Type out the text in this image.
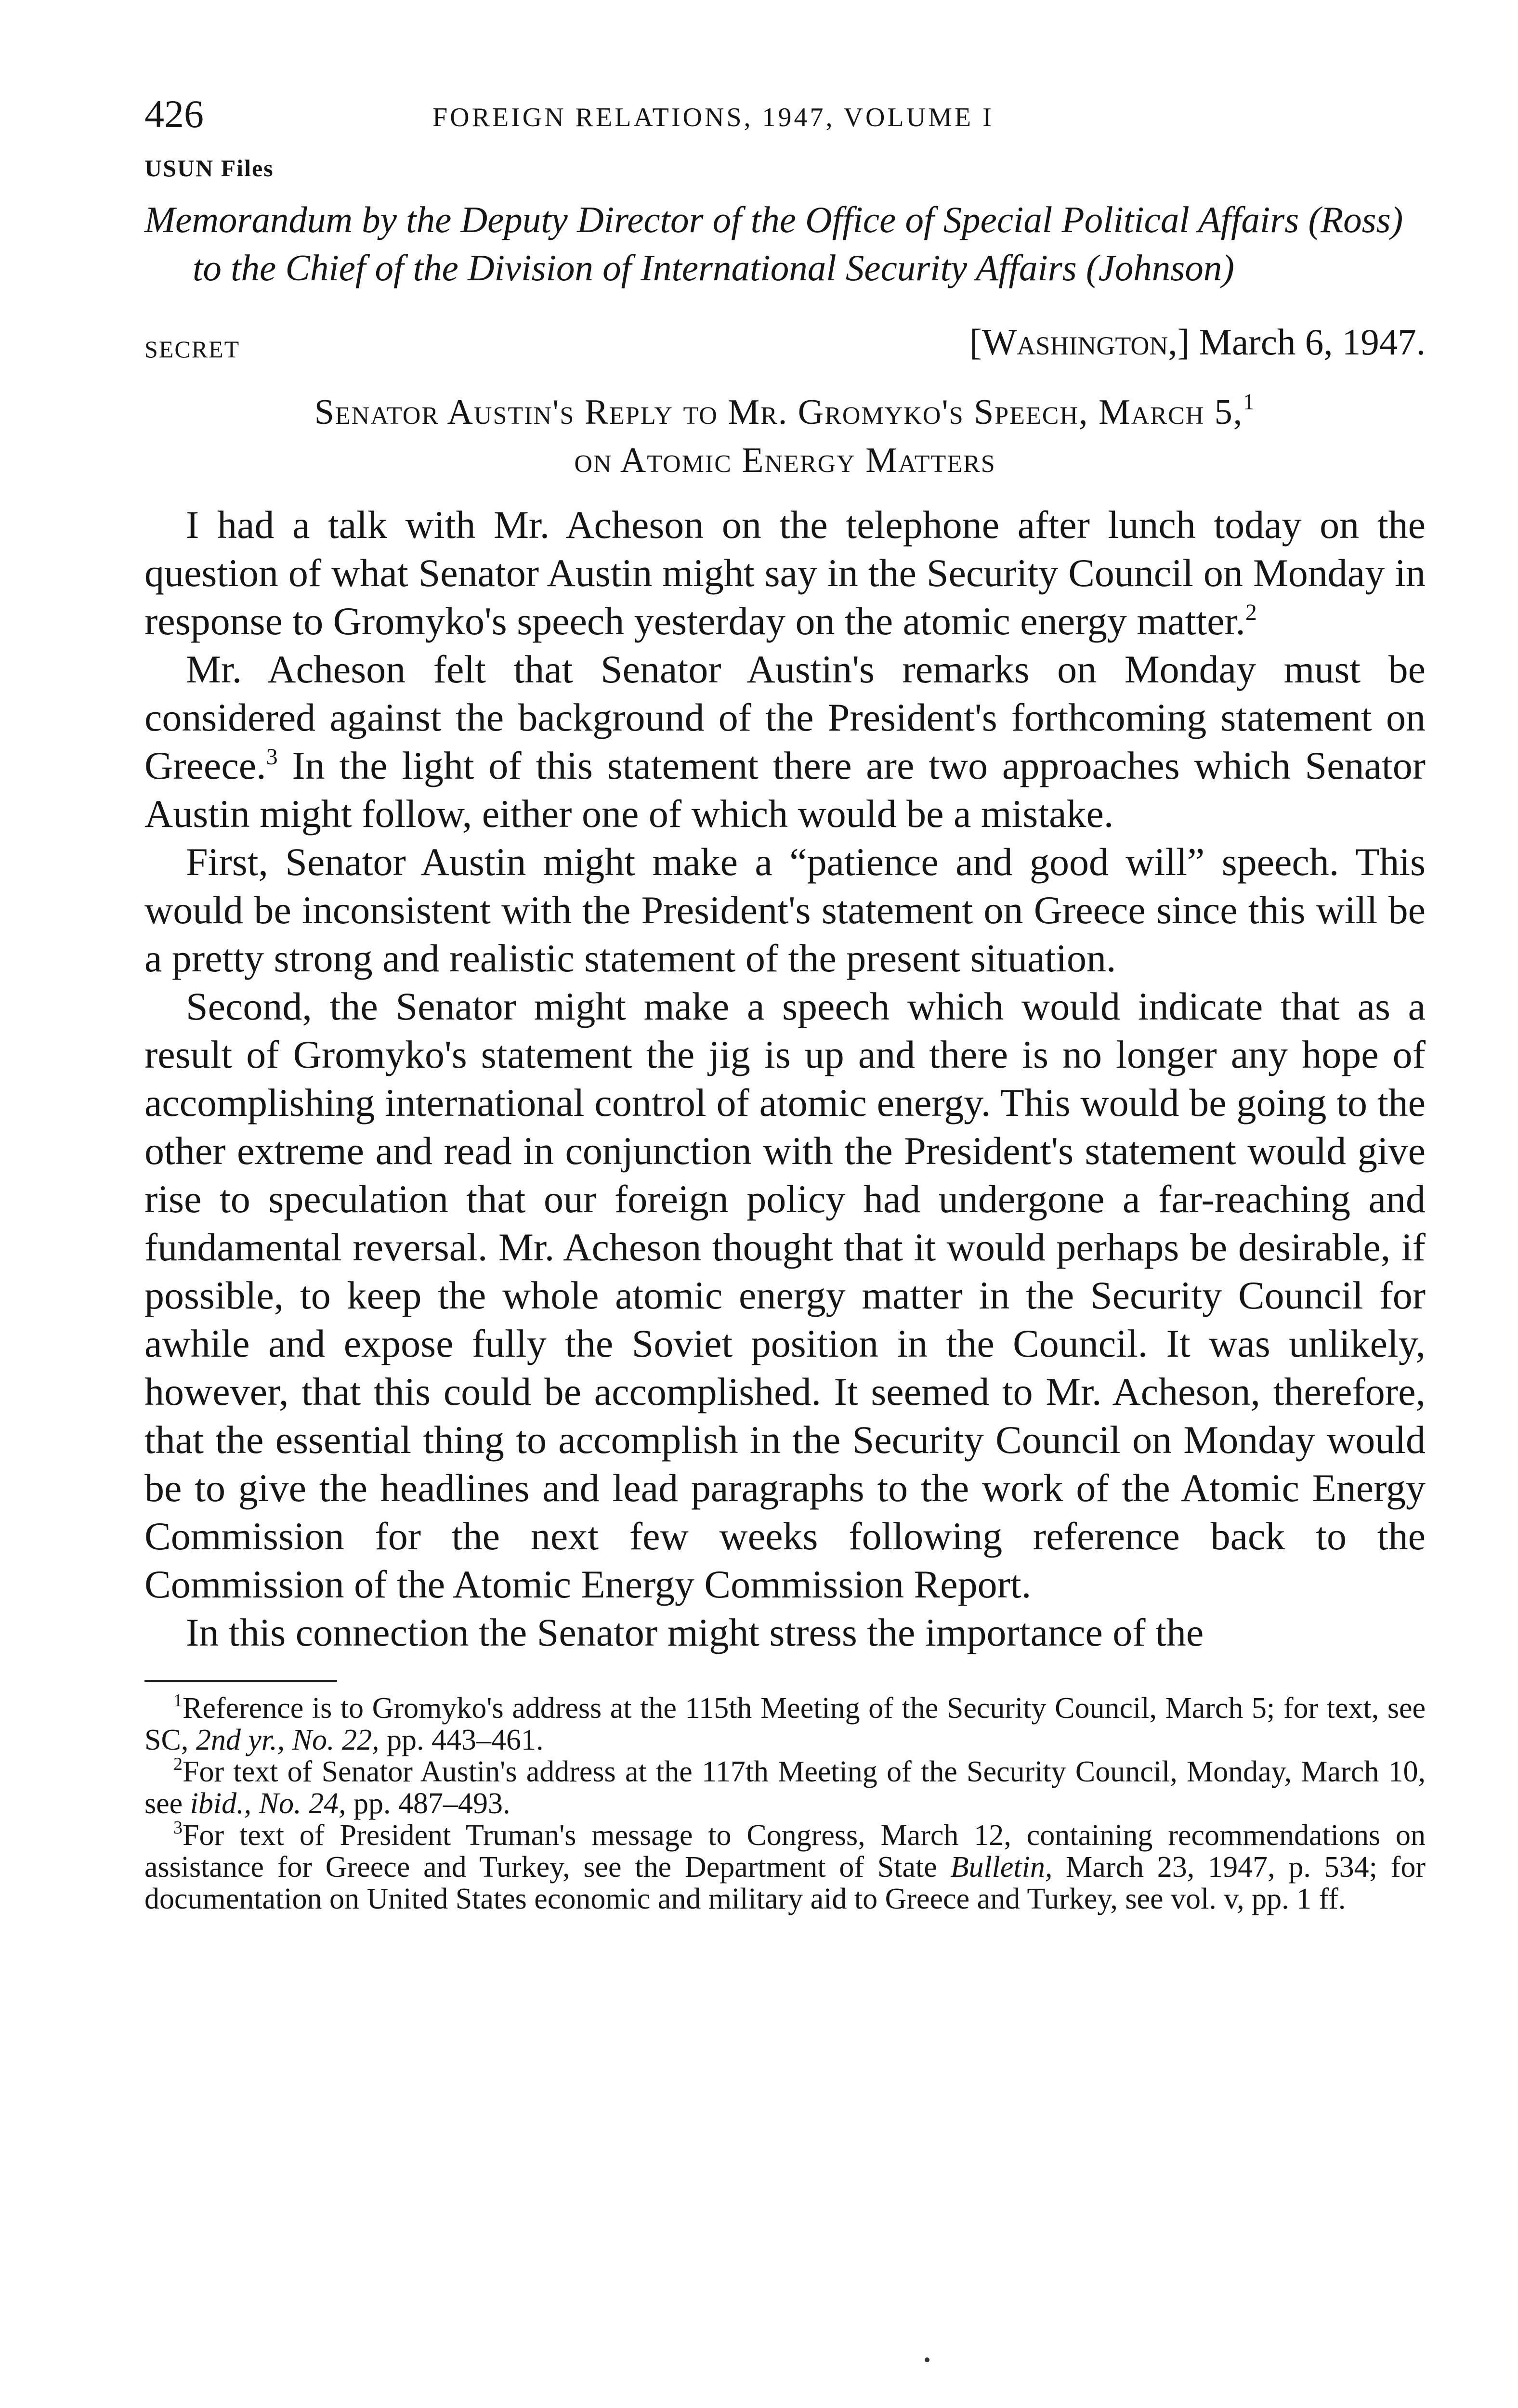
426	FOREIGN RELATIONS, 1947, VOLUME I
USUN Files
Memorandum by the Deputy Director of the Office of Special Political Affairs (Ross) to the Chief of the Division of International Security Affairs (Johnson)
SECRET	[Washington,] March 6, 1947.
Senator Austin's Reply to Mr. Gromyko's Speech, March 5,$^1$
on Atomic Energy Matters

I had a talk with Mr. Acheson on the telephone after lunch today on the question of what Senator Austin might say in the Security Council on Monday in response to Gromyko's speech yesterday on the atomic energy matter.$^2$

Mr. Acheson felt that Senator Austin's remarks on Monday must be considered against the background of the President's forthcoming statement on Greece.$^3$ In the light of this statement there are two approaches which Senator Austin might follow, either one of which would be a mistake.

First, Senator Austin might make a “patience and good will” speech. This would be inconsistent with the President's statement on Greece since this will be a pretty strong and realistic statement of the present situation.

Second, the Senator might make a speech which would indicate that as a result of Gromyko's statement the jig is up and there is no longer any hope of accomplishing international control of atomic energy. This would be going to the other extreme and read in conjunction with the President's statement would give rise to speculation that our foreign policy had undergone a far-reaching and fundamental reversal. Mr. Acheson thought that it would perhaps be desirable, if possible, to keep the whole atomic energy matter in the Security Council for awhile and expose fully the Soviet position in the Council. It was unlikely, however, that this could be accomplished. It seemed to Mr. Acheson, therefore, that the essential thing to accomplish in the Security Council on Monday would be to give the headlines and lead paragraphs to the work of the Atomic Energy Commission for the next few weeks following reference back to the Commission of the Atomic Energy Commission Report.

In this connection the Senator might stress the importance of the

$^1$Reference is to Gromyko's address at the 115th Meeting of the Security Council, March 5; for text, see SC, 2nd yr., No. 22, pp. 443–461.

$^2$For text of Senator Austin's address at the 117th Meeting of the Security Council, Monday, March 10, see ibid., No. 24, pp. 487–493.

$^3$For text of President Truman's message to Congress, March 12, containing recommendations on assistance for Greece and Turkey, see the Department of State Bulletin, March 23, 1947, p. 534; for documentation on United States economic and military aid to Greece and Turkey, see vol. v, pp. 1 ff.
